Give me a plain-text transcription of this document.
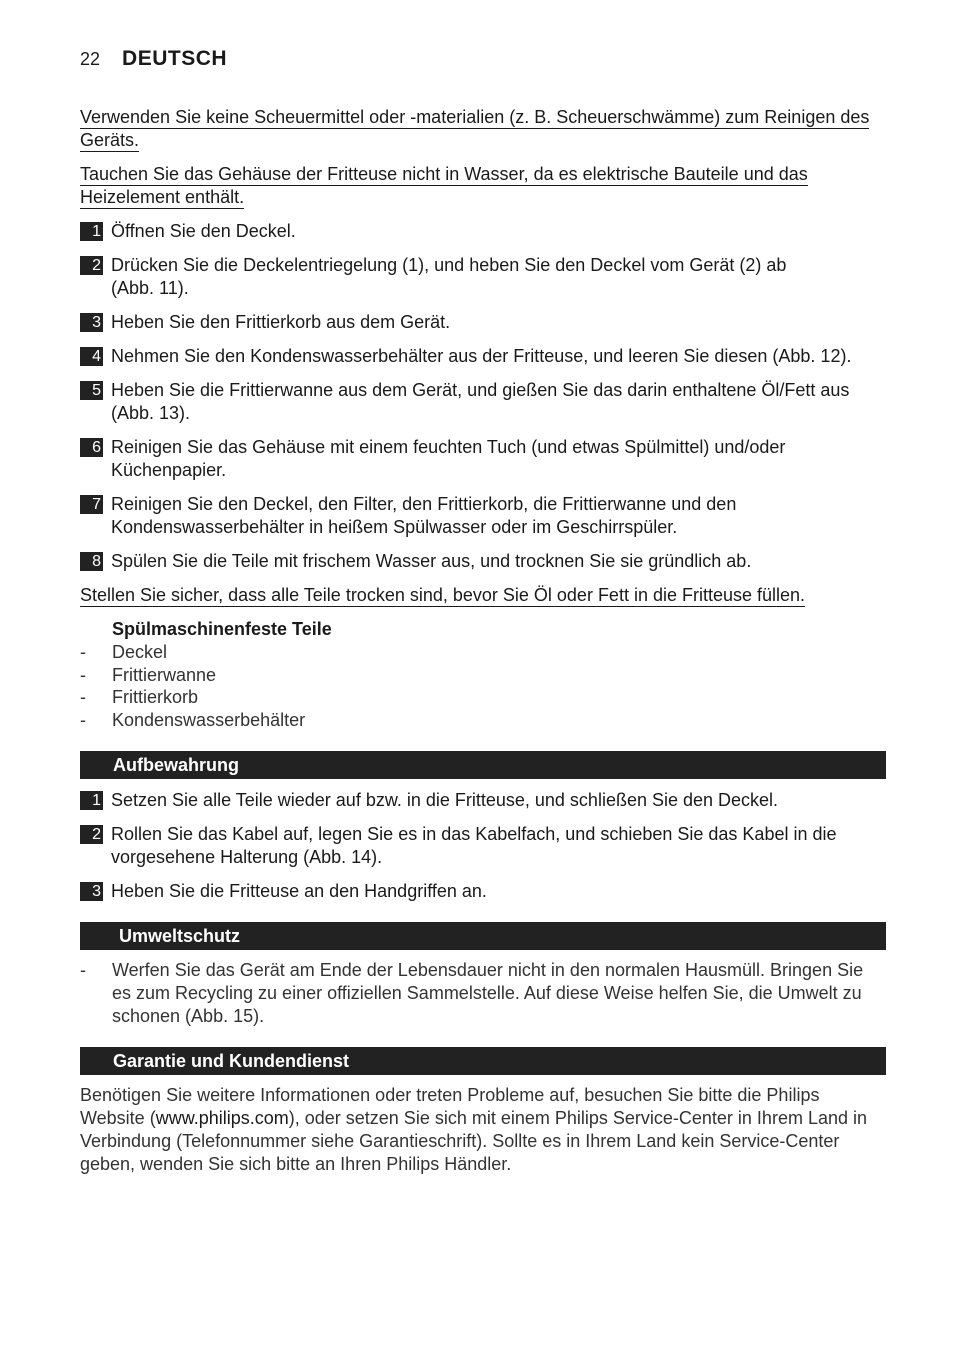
22 DEUTSCH
Verwenden Sie keine Scheuermittel oder -materialien (z. B. Scheuerschwämme) zum Reinigen des
Geräts.
Tauchen Sie das Gehäuse der Fritteuse nicht in Wasser, da es elektrische Bauteile und das
Heizelement enthält.
1 Öffnen Sie den Deckel.
2 Drücken Sie die Deckelentriegelung (1), und heben Sie den Deckel vom Gerät (2) ab (Abb. 11).
3 Heben Sie den Frittierkorb aus dem Gerät.
4 Nehmen Sie den Kondenswasserbehälter aus der Fritteuse, und leeren Sie diesen (Abb. 12).
5 Heben Sie die Frittierwanne aus dem Gerät, und gießen Sie das darin enthaltene Öl/Fett aus (Abb. 13).
6 Reinigen Sie das Gehäuse mit einem feuchten Tuch (und etwas Spülmittel) und/oder Küchenpapier.
7 Reinigen Sie den Deckel, den Filter, den Frittierkorb, die Frittierwanne und den Kondenswasserbehälter in heißem Spülwasser oder im Geschirrspüler.
8 Spülen Sie die Teile mit frischem Wasser aus, und trocknen Sie sie gründlich ab.
Stellen Sie sicher, dass alle Teile trocken sind, bevor Sie Öl oder Fett in die Fritteuse füllen.
Spülmaschinenfeste Teile
-	Deckel
-	Frittierwanne
-	Frittierkorb
-	Kondenswasserbehälter
Aufbewahrung
1 Setzen Sie alle Teile wieder auf bzw. in die Fritteuse, und schließen Sie den Deckel.
2 Rollen Sie das Kabel auf, legen Sie es in das Kabelfach, und schieben Sie das Kabel in die vorgesehene Halterung (Abb. 14).
3 Heben Sie die Fritteuse an den Handgriffen an.
Umweltschutz
-	Werfen Sie das Gerät am Ende der Lebensdauer nicht in den normalen Hausmüll. Bringen Sie es zum Recycling zu einer offiziellen Sammelstelle. Auf diese Weise helfen Sie, die Umwelt zu schonen (Abb. 15).
Garantie und Kundendienst
Benötigen Sie weitere Informationen oder treten Probleme auf, besuchen Sie bitte die Philips Website (www.philips.com), oder setzen Sie sich mit einem Philips Service-Center in Ihrem Land in Verbindung (Telefonnummer siehe Garantieschrift). Sollte es in Ihrem Land kein Service-Center geben, wenden Sie sich bitte an Ihren Philips Händler.
